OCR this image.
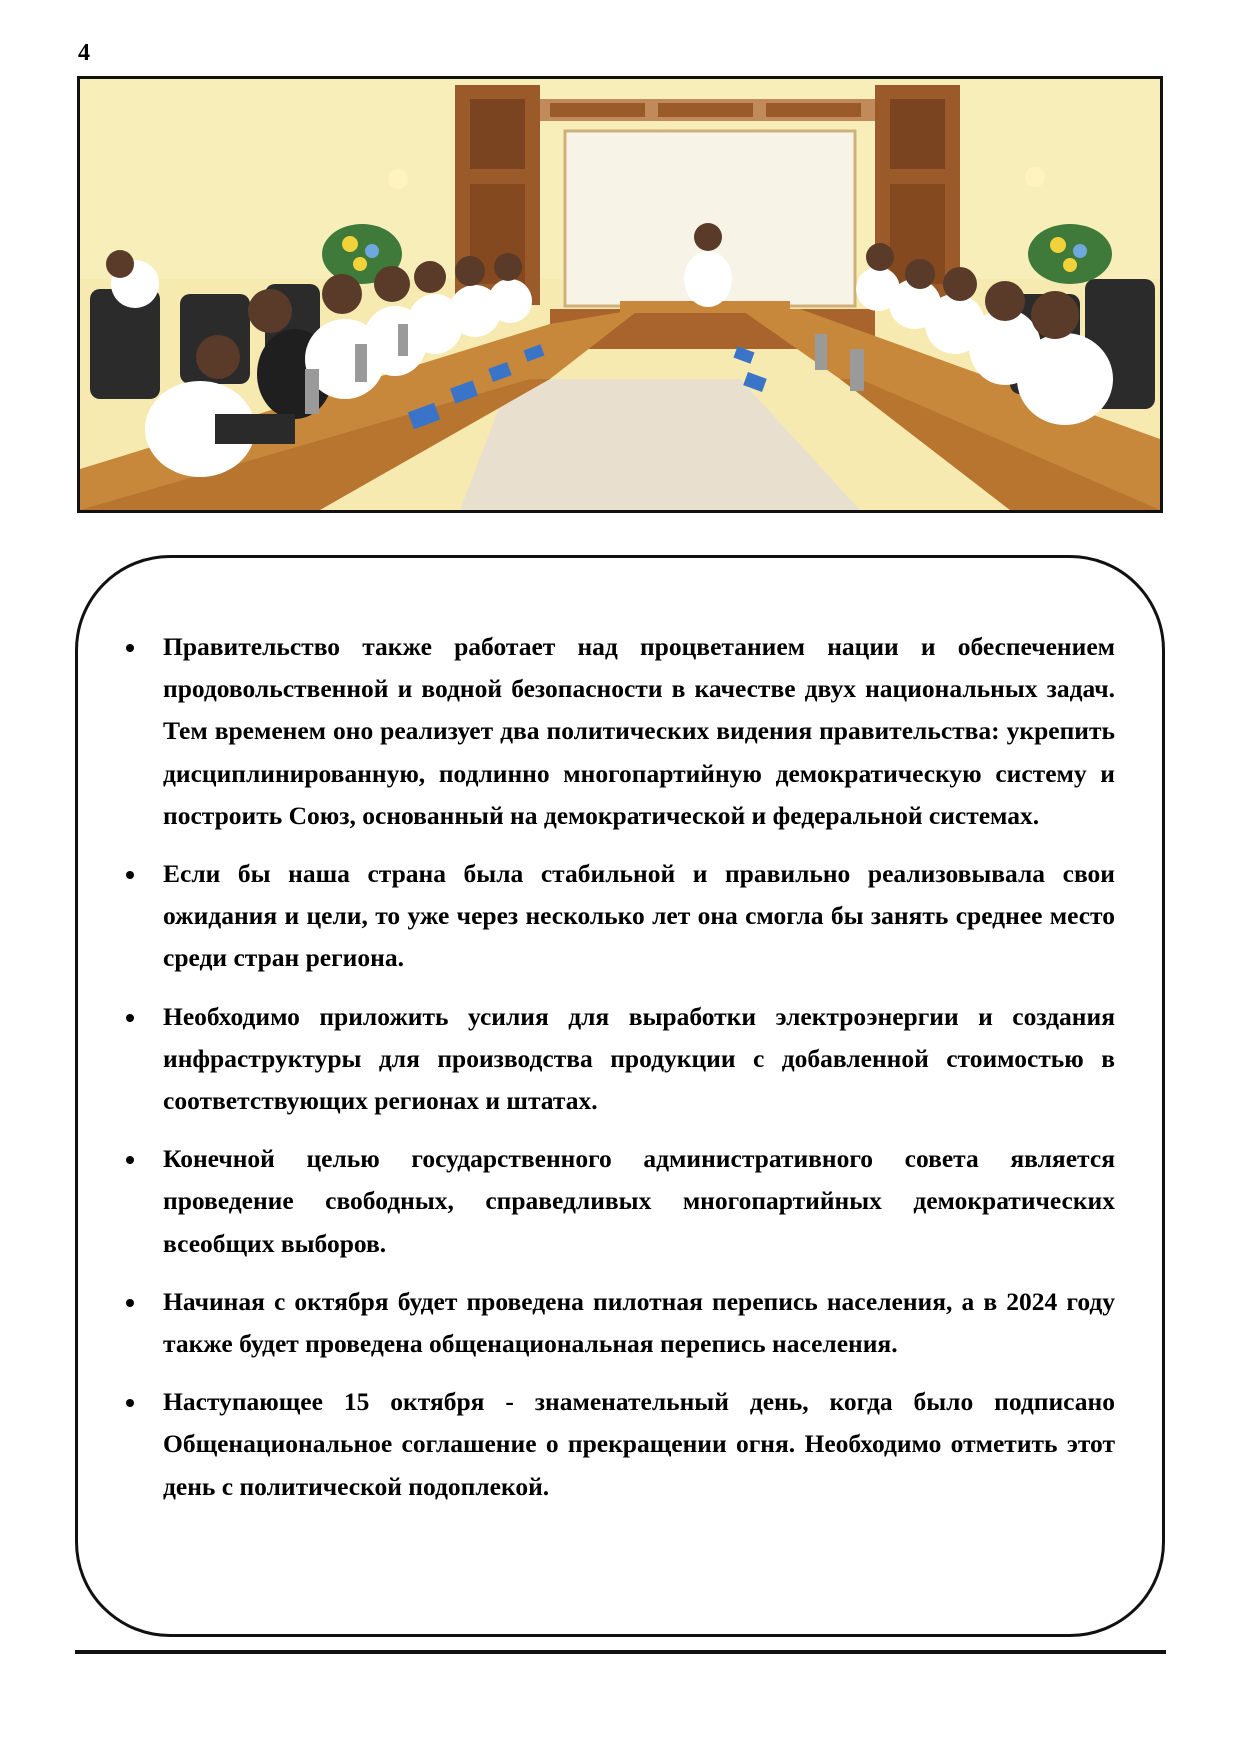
4
Правительство также работает над процветанием нации и обеспечением продовольственной и водной безопасности в качестве двух национальных задач. Тем временем оно реализует два политических видения правительства: укрепить дисциплинированную, подлинно многопартийную демократическую систему и построить Союз, основанный на демократической и федеральной системах.
Если бы наша страна была стабильной и правильно реализовывала свои ожидания и цели, то уже через несколько лет она смогла бы занять среднее место среди стран региона.
Необходимо приложить усилия для выработки электроэнергии и создания инфраструктуры для производства продукции с добавленной стоимостью в соответствующих регионах и штатах.
Конечной целью государственного административного совета является проведение свободных, справедливых многопартийных демократических всеобщих выборов.
Начиная с октября будет проведена пилотная перепись населения, а в 2024 году также будет проведена общенациональная перепись населения.
Наступающее 15 октября - знаменательный день, когда было подписано Общенациональное соглашение о прекращении огня. Необходимо отметить этот день с политической подоплекой.
